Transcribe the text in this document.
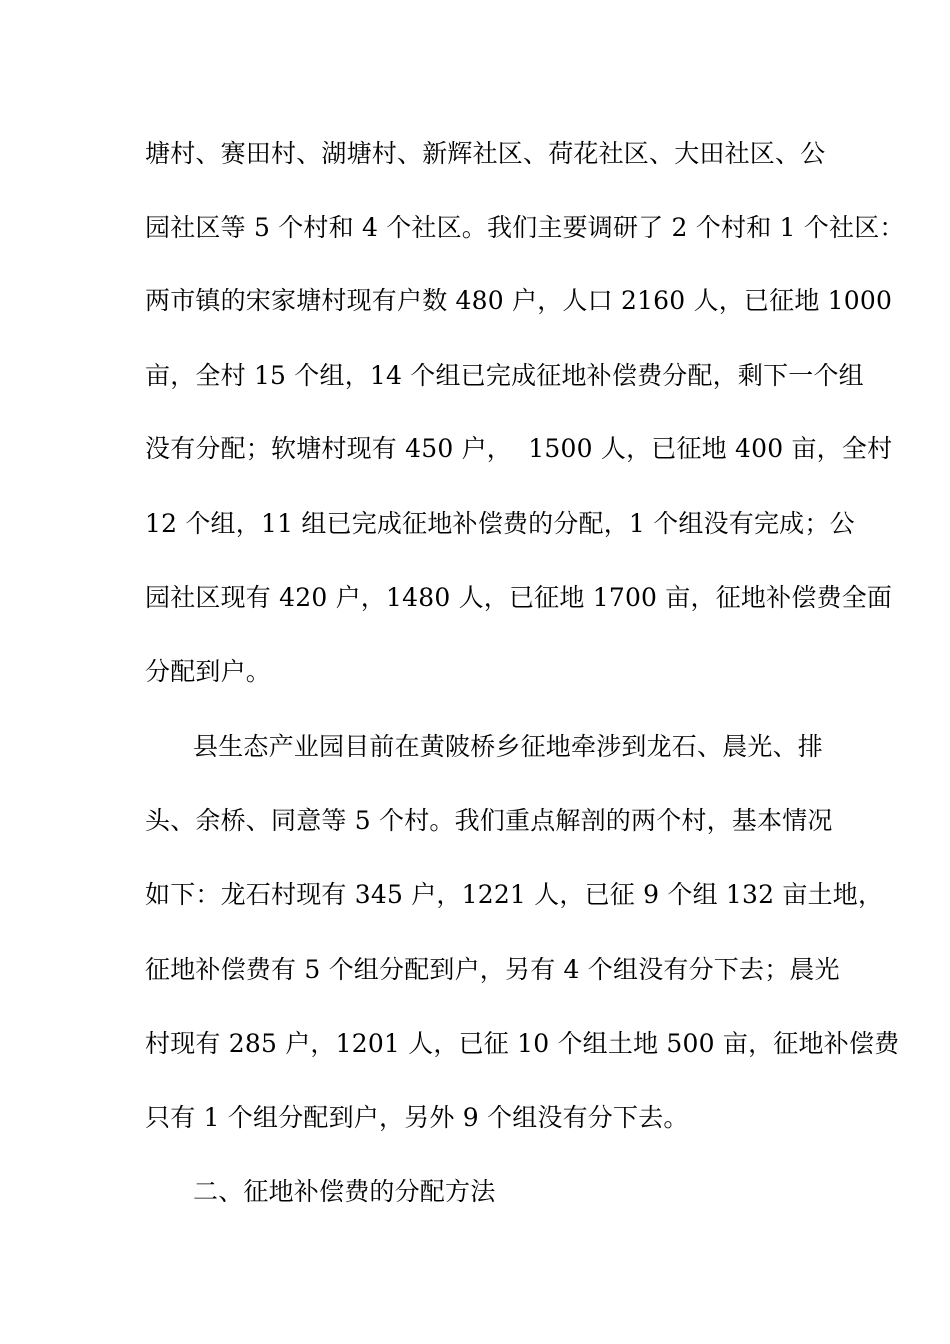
塘村、赛田村、湖塘村、新辉社区、荷花社区、大田社区、公
园社区等 5 个村和 4 个社区。我们主要调研了 2 个村和 1 个社区：
两市镇的宋家塘村现有户数 480 户，人口 2160 人，已征地 1000
亩，全村 15 个组，14 个组已完成征地补偿费分配，剩下一个组
没有分配；软塘村现有 450 户，  1500 人，已征地 400 亩，全村
12 个组，11 组已完成征地补偿费的分配，1 个组没有完成；公
园社区现有 420 户，1480 人，已征地 1700 亩，征地补偿费全面
分配到户。
县生态产业园目前在黄陂桥乡征地牵涉到龙石、晨光、排
头、余桥、同意等 5 个村。我们重点解剖的两个村，基本情况
如下：龙石村现有 345 户，1221 人，已征 9 个组 132 亩土地，
征地补偿费有 5 个组分配到户，另有 4 个组没有分下去；晨光
村现有 285 户，1201 人，已征 10 个组土地 500 亩，征地补偿费
只有 1 个组分配到户，另外 9 个组没有分下去。
二、征地补偿费的分配方法
